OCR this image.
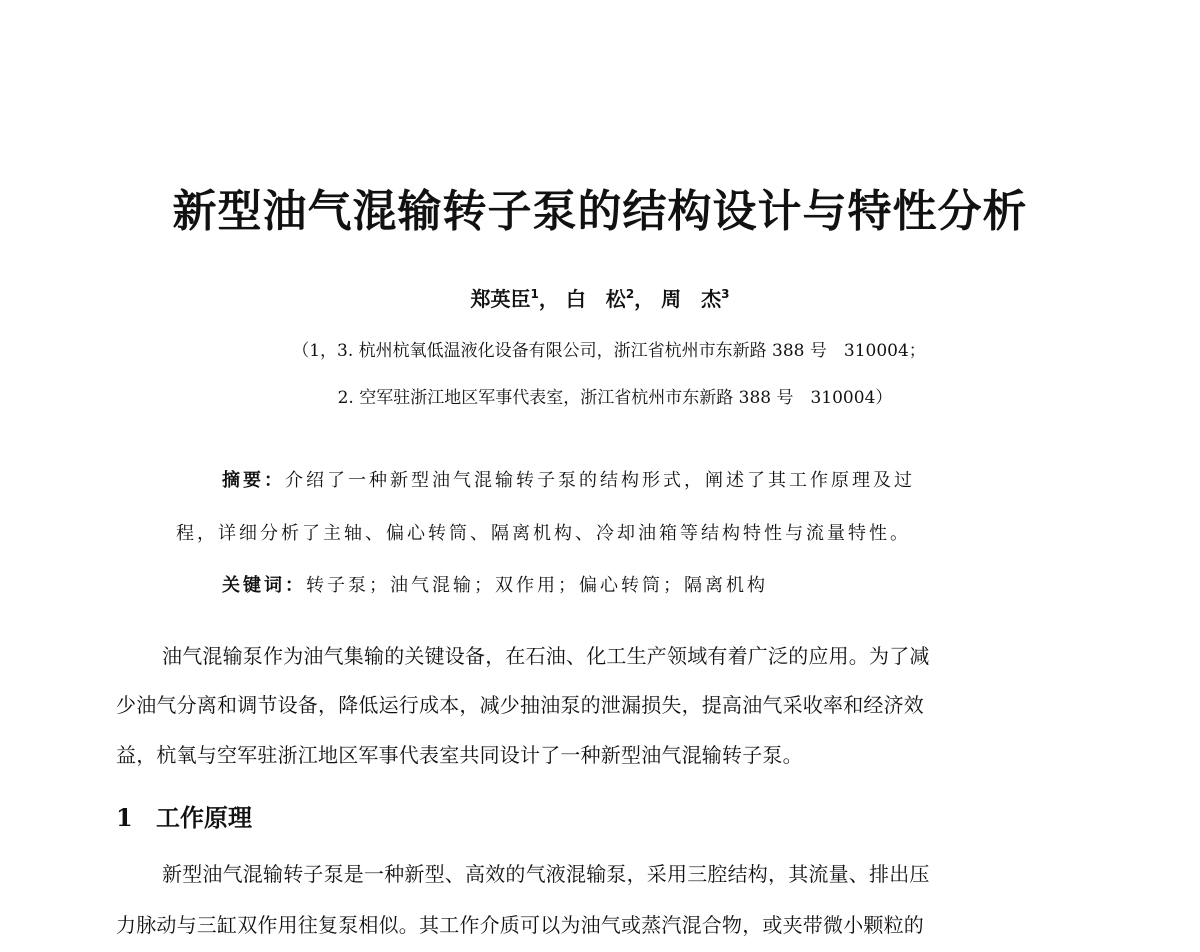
新型油气混输转子泵的结构设计与特性分析
郑英臣$^1$， 白　松$^2$， 周　杰$^3$
（1，3. 杭州杭氧低温液化设备有限公司，浙江省杭州市东新路 388 号　310004；
2. 空军驻浙江地区军事代表室，浙江省杭州市东新路 388 号　310004）
摘要：介绍了一种新型油气混输转子泵的结构形式，阐述了其工作原理及过
程，详细分析了主轴、偏心转筒、隔离机构、冷却油箱等结构特性与流量特性。
关键词：转子泵；油气混输；双作用；偏心转筒；隔离机构
油气混输泵作为油气集输的关键设备，在石油、化工生产领域有着广泛的应用。为了减
少油气分离和调节设备，降低运行成本，减少抽油泵的泄漏损失，提高油气采收率和经济效
益，杭氧与空军驻浙江地区军事代表室共同设计了一种新型油气混输转子泵。
1 工作原理
新型油气混输转子泵是一种新型、高效的气液混输泵，采用三腔结构，其流量、排出压
力脉动与三缸双作用往复泵相似。其工作介质可以为油气或蒸汽混合物，或夹带微小颗粒的
